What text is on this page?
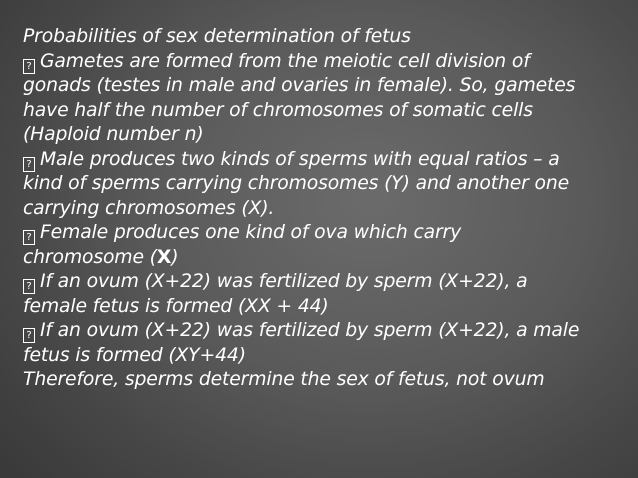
Probabilities of sex determination of fetus
? Gametes are formed from the meiotic cell division of
gonads (testes in male and ovaries in female). So, gametes
have half the number of chromosomes of somatic cells
(Haploid number n)
? Male produces two kinds of sperms with equal ratios – a
kind of sperms carrying chromosomes (Y) and another one
carrying chromosomes (X).
? Female produces one kind of ova which carry
chromosome (X)
? If an ovum (X+22) was fertilized by sperm (X+22), a
female fetus is formed (XX + 44)
? If an ovum (X+22) was fertilized by sperm (X+22), a male
fetus is formed (XY+44)
Therefore, sperms determine the sex of fetus, not ovum
